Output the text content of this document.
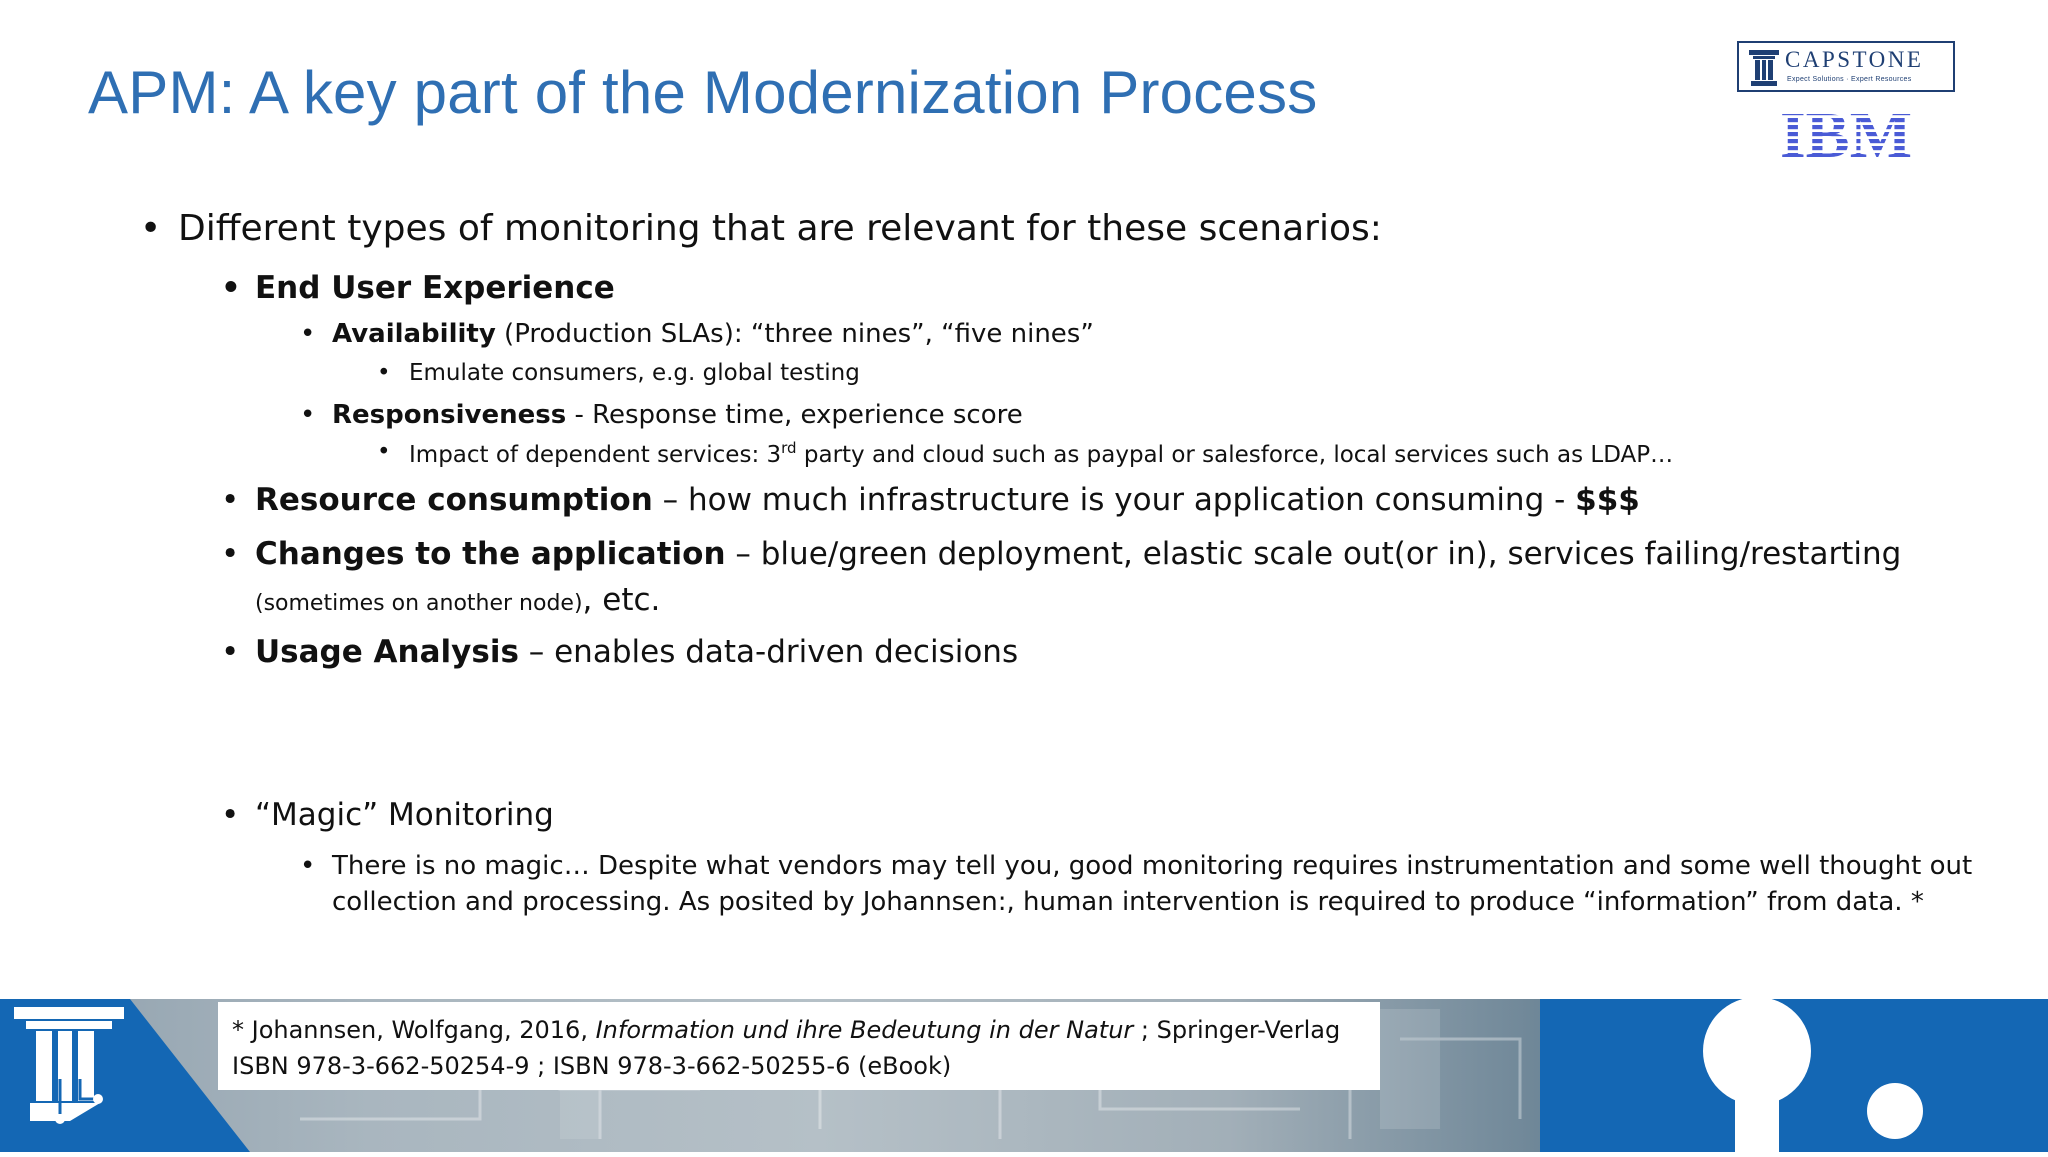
APM: A key part of the Modernization Process	CAPSTONE
Expect Solutions · Expert Resources
• Different types of monitoring that are relevant for these scenarios:
• End User Experience
• Availability (Production SLAs): “three nines”, “five nines”
• Emulate consumers, e.g. global testing
• Responsiveness - Response time, experience score
• Impact of dependent services: 3rd party and cloud such as paypal or salesforce, local services such as LDAP…
• Resource consumption – how much infrastructure is your application consuming - $$$
• Changes to the application – blue/green deployment, elastic scale out(or in), services failing/restarting
(sometimes on another node), etc.
• Usage Analysis – enables data-driven decisions
• “Magic” Monitoring
• There is no magic… Despite what vendors may tell you, good monitoring requires instrumentation and some well thought out
collection and processing. As posited by Johannsen:, human intervention is required to produce “information” from data. *
* Johannsen, Wolfgang, 2016, Information und ihre Bedeutung in der Natur ; Springer-Verlag
ISBN 978-3-662-50254-9 ; ISBN 978-3-662-50255-6 (eBook)
